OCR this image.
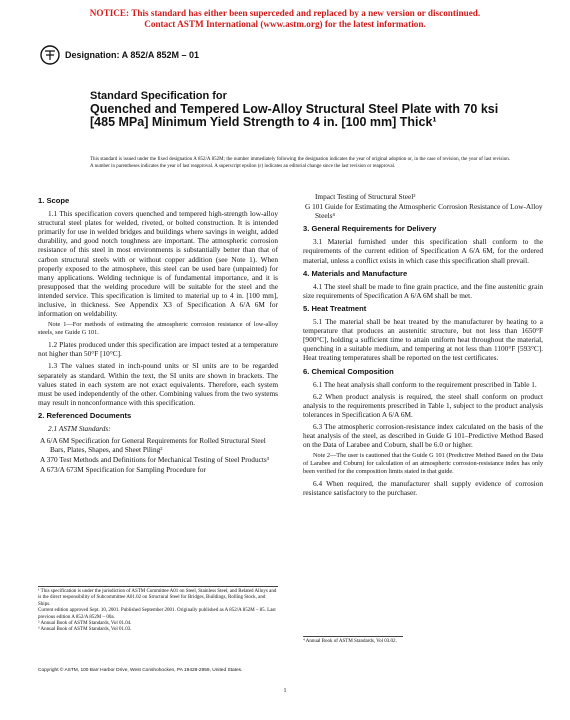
NOTICE: This standard has either been superceded and replaced by a new version or discontinued.
Contact ASTM International (www.astm.org) for the latest information.
Designation: A 852/A 852M – 01
Standard Specification for
Quenched and Tempered Low-Alloy Structural Steel Plate with 70 ksi [485 MPa] Minimum Yield Strength to 4 in. [100 mm] Thick¹
This standard is issued under the fixed designation A 852/A 852M; the number immediately following the designation indicates the year of original adoption or, in the case of revision, the year of last revision. A number in parentheses indicates the year of last reapproval. A superscript epsilon (ε) indicates an editorial change since the last revision or reapproval.
1. Scope

1.1 This specification covers quenched and tempered high-strength low-alloy structural steel plates for welded, riveted, or bolted construction. It is intended primarily for use in welded bridges and buildings where savings in weight, added durability, and good notch toughness are important. The atmospheric corrosion resistance of this steel in most environments is substantially better than that of carbon structural steels with or without copper addition (see Note 1). When properly exposed to the atmosphere, this steel can be used bare (unpainted) for many applications. Welding technique is of fundamental importance, and it is presupposed that the welding procedure will be suitable for the steel and the intended service. This specification is limited to material up to 4 in. [100 mm], inclusive, in thickness. See Appendix X3 of Specification A 6/A 6M for information on weldability.

Note 1—For methods of estimating the atmospheric corrosion resistance of low-alloy steels, see Guide G 101.

1.2 Plates produced under this specification are impact tested at a temperature not higher than 50°F [10°C].

1.3 The values stated in inch-pound units or SI units are to be regarded separately as standard. Within the text, the SI units are shown in brackets. The values stated in each system are not exact equivalents. Therefore, each system must be used independently of the other. Combining values from the two systems may result in nonconformance with this specification.

2. Referenced Documents

2.1 ASTM Standards:

A 6/A 6M Specification for General Requirements for Rolled Structural Steel Bars, Plates, Shapes, and Sheet Piling²

A 370 Test Methods and Definitions for Mechanical Testing of Steel Products³

A 673/A 673M Specification for Sampling Procedure for

¹ This specification is under the jurisdiction of ASTM Committee A01 on Steel, Stainless Steel, and Related Alloys and is the direct responsibility of Subcommittee A01.02 on Structural Steel for Bridges, Buildings, Rolling Stock, and Ships.
Current edition approved Sept. 10, 2001. Published September 2001. Originally published as A 852/A 852M – 85. Last previous edition A 852/A 852M – 00a.
² Annual Book of ASTM Standards, Vol 01.04.
³ Annual Book of ASTM Standards, Vol 01.03.

Impact Testing of Structural Steel²

G 101 Guide for Estimating the Atmospheric Corrosion Resistance of Low-Alloy Steels⁴

3. General Requirements for Delivery

3.1 Material furnished under this specification shall conform to the requirements of the current edition of Specification A 6/A 6M, for the ordered material, unless a conflict exists in which case this specification shall prevail.

4. Materials and Manufacture

4.1 The steel shall be made to fine grain practice, and the fine austenitic grain size requirements of Specification A 6/A 6M shall be met.

5. Heat Treatment

5.1 The material shall be heat treated by the manufacturer by heating to a temperature that produces an austenitic structure, but not less than 1650°F [900°C], holding a sufficient time to attain uniform heat throughout the material, quenching in a suitable medium, and tempering at not less than 1100°F [593°C]. Heat treating temperatures shall be reported on the test certificates.

6. Chemical Composition

6.1 The heat analysis shall conform to the requirement prescribed in Table 1.

6.2 When product analysis is required, the steel shall conform on product analysis to the requirements prescribed in Table 1, subject to the product analysis tolerances in Specification A 6/A 6M.

6.3 The atmospheric corrosion-resistance index calculated on the basis of the heat analysis of the steel, as described in Guide G 101–Predictive Method Based on the Data of Larabee and Coburn, shall be 6.0 or higher.

Note 2—The user is cautioned that the Guide G 101 (Predictive Method Based on the Data of Larabee and Coburn) for calculation of an atmospheric corrosion-resistance index has only been verified for the composition limits stated in that guide.

6.4 When required, the manufacturer shall supply evidence of corrosion resistance satisfactory to the purchaser.

⁴ Annual Book of ASTM Standards, Vol 03.02.
Copyright © ASTM, 100 Barr Harbor Drive, West Conshohocken, PA 19428-2959, United States.
1
